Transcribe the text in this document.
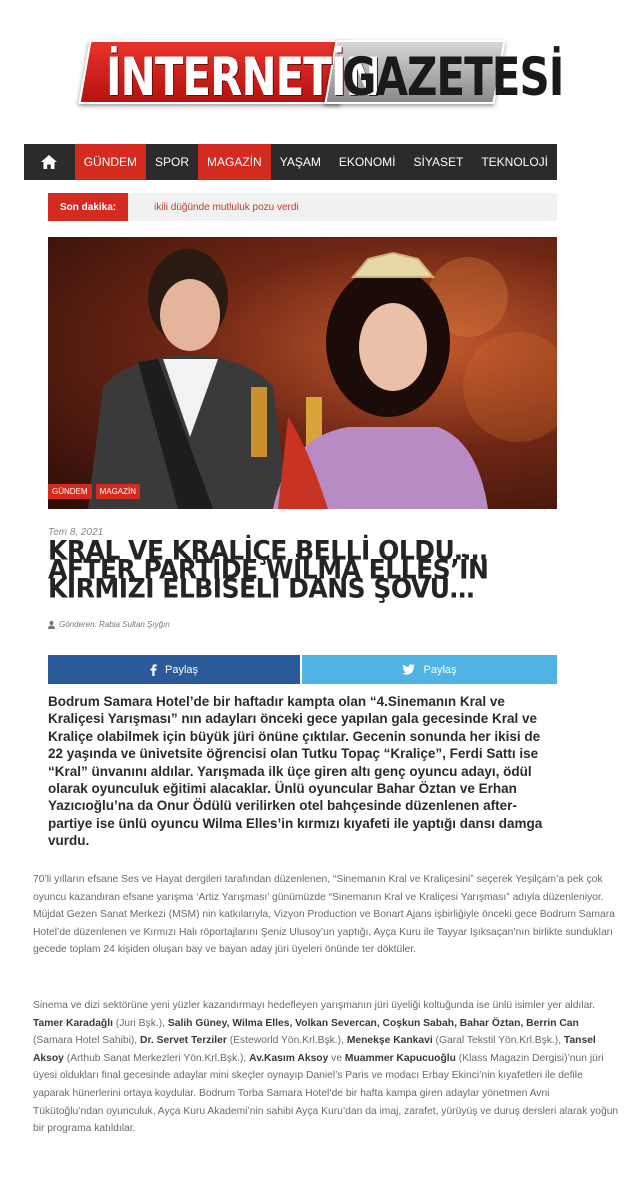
İNTERNETİN
GAZETESİ
GÜNDEM	SPOR	MAGAZİN	YAŞAM	EKONOMİ	SİYASET	TEKNOLOJİ
Son dakika:	ikili düğünde mutluluk pozu verdi
GÜNDEM	MAGAZİN
Tem 8, 2021
KRAL VE KRALİÇE BELLİ OLDU…. AFTER PARTİDE WİLMA ELLES’İN KIRMIZI ELBİSELİ DANS ŞOVU…
Gönderen: Rabia Sultan Şıyğın
Paylaş	Paylaş

Bodrum Samara Hotel’de bir haftadır kampta olan “4.Sinemanın Kral ve Kraliçesi Yarışması” nın adayları önceki gece yapılan gala gecesinde Kral ve Kraliçe olabilmek için büyük jüri önüne çıktılar. Gecenin sonunda her ikisi de 22 yaşında ve ünivetsite öğrencisi olan Tutku Topaç “Kraliçe”, Ferdi Sattı ise “Kral” ünvanını aldılar. Yarışmada ilk üçe giren altı genç oyuncu adayı, ödül olarak oyunculuk eğitimi alacaklar. Ünlü oyuncular Bahar Öztan ve Erhan Yazıcıoğlu’na da Onur Ödülü verilirken otel bahçesinde düzenlenen after-partiye ise ünlü oyuncu Wilma Elles’in kırmızı kıyafeti ile yaptığı dansı damga vurdu.

70’li yılların efsane Ses ve Hayat dergileri tarafından düzenlenen, “Sinemanın Kral ve Kraliçesini” seçerek Yeşilçam’a pek çok oyuncu kazandıran efsane yarışma ‘Artiz Yarışması’ günümüzde “Sinemanın Kral ve Kraliçesi Yarışması” adıyla düzenleniyor. Müjdat Gezen Sanat Merkezi (MSM) nin katkılarıyla, Vizyon Production ve Bonart Ajans işbirliğiyle önceki gece Bodrum Samara Hotel’de düzenlenen ve Kırmızı Halı röportajlarını Şeniz Ulusoy’un yaptığı, Ayça Kuru ile Tayyar Işıksaçan’nın birlikte sundukları gecede toplam 24 kişiden oluşan bay ve bayan aday jüri üyeleri önünde ter döktüler.

Sinema ve dizi sektörüne yeni yüzler kazandırmayı hedefleyen yarışmanın jüri üyeliği koltuğunda ise ünlü isimler yer aldılar. Tamer Karadağlı (Juri Bşk.), Salih Güney, Wilma Elles, Volkan Severcan, Coşkun Sabah, Bahar Öztan, Berrin Can (Samara Hotel Sahibi), Dr. Servet Terziler (Esteworld Yön.Krl.Bşk.), Menekşe Kankavi (Garal Tekstil Yön.Krl.Bşk.), Tansel Aksoy (Arthub Sanat Merkezleri Yön.Krl.Bşk.), Av.Kasım Aksoy ve Muammer Kapucuoğlu (Klass Magazin Dergisi)’nun jüri üyesi oldukları final gecesinde adaylar mini skeçler oynayıp Daniel’s Paris ve modacı Erbay Ekinci’nin kıyafetleri ile defile yaparak hünerlerini ortaya koydular. Bodrum Torba Samara Hotel’de bir hafta kampa giren adaylar yönetmen Avni Tükütoğlu’ndan oyunculuk, Ayça Kuru Akademi’nin sahibi Ayça Kuru’dan da imaj, zarafet, yürüyüş ve duruş dersleri alarak yoğun bir programa katıldılar.
